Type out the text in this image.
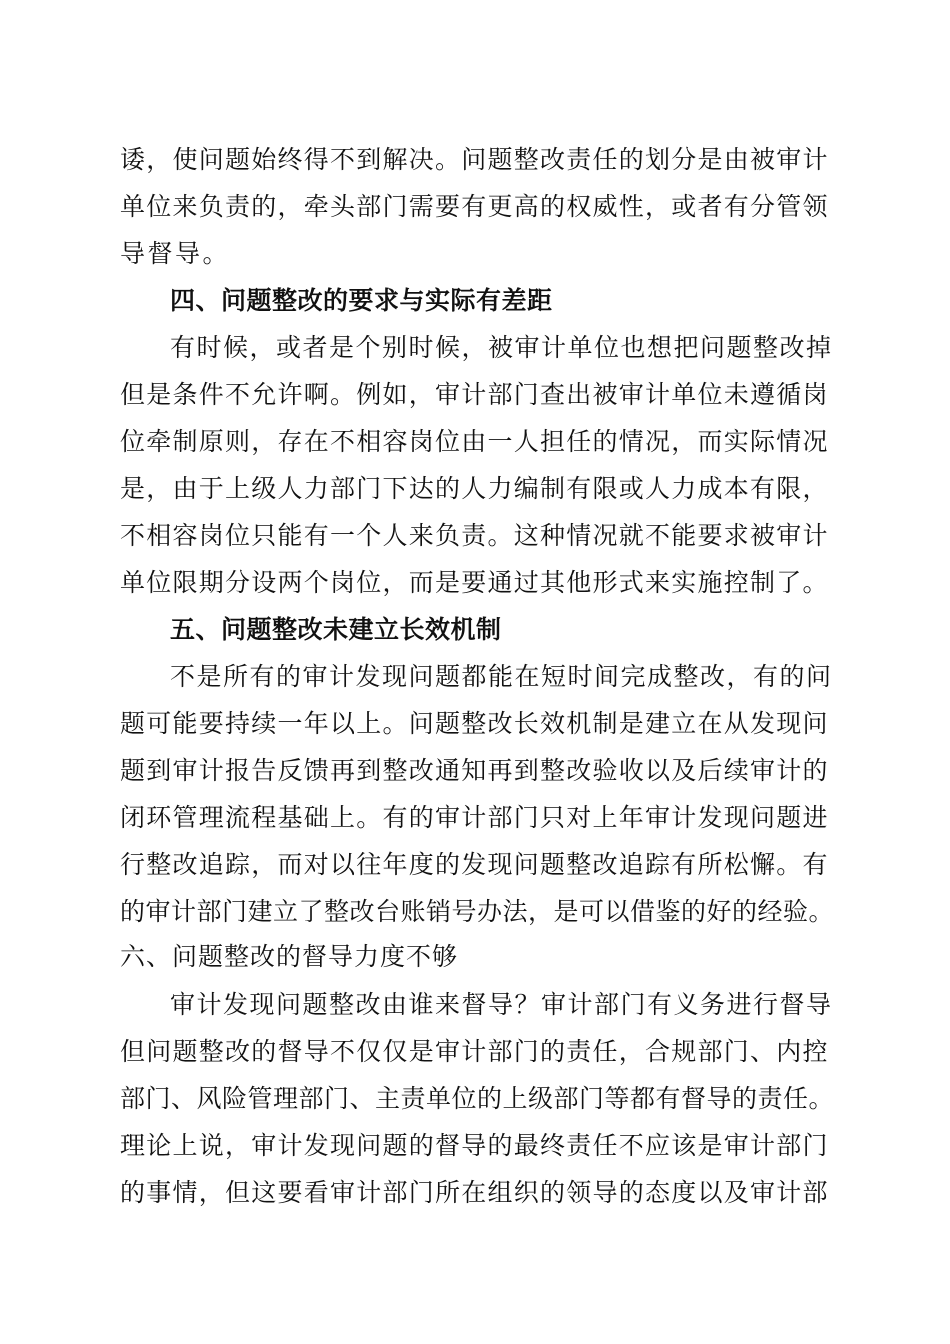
诿，使问题始终得不到解决。问题整改责任的划分是由被审计
单位来负责的，牵头部门需要有更高的权威性，或者有分管领
导督导。
四、问题整改的要求与实际有差距
有时候，或者是个别时候，被审计单位也想把问题整改掉
但是条件不允许啊。例如，审计部门查出被审计单位未遵循岗
位牵制原则，存在不相容岗位由一人担任的情况，而实际情况
是，由于上级人力部门下达的人力编制有限或人力成本有限，
不相容岗位只能有一个人来负责。这种情况就不能要求被审计
单位限期分设两个岗位，而是要通过其他形式来实施控制了。
五、问题整改未建立长效机制
不是所有的审计发现问题都能在短时间完成整改，有的问
题可能要持续一年以上。问题整改长效机制是建立在从发现问
题到审计报告反馈再到整改通知再到整改验收以及后续审计的
闭环管理流程基础上。有的审计部门只对上年审计发现问题进
行整改追踪，而对以往年度的发现问题整改追踪有所松懈。有
的审计部门建立了整改台账销号办法，是可以借鉴的好的经验。
六、问题整改的督导力度不够
审计发现问题整改由谁来督导？审计部门有义务进行督导
但问题整改的督导不仅仅是审计部门的责任，合规部门、内控
部门、风险管理部门、主责单位的上级部门等都有督导的责任。
理论上说，审计发现问题的督导的最终责任不应该是审计部门
的事情，但这要看审计部门所在组织的领导的态度以及审计部
